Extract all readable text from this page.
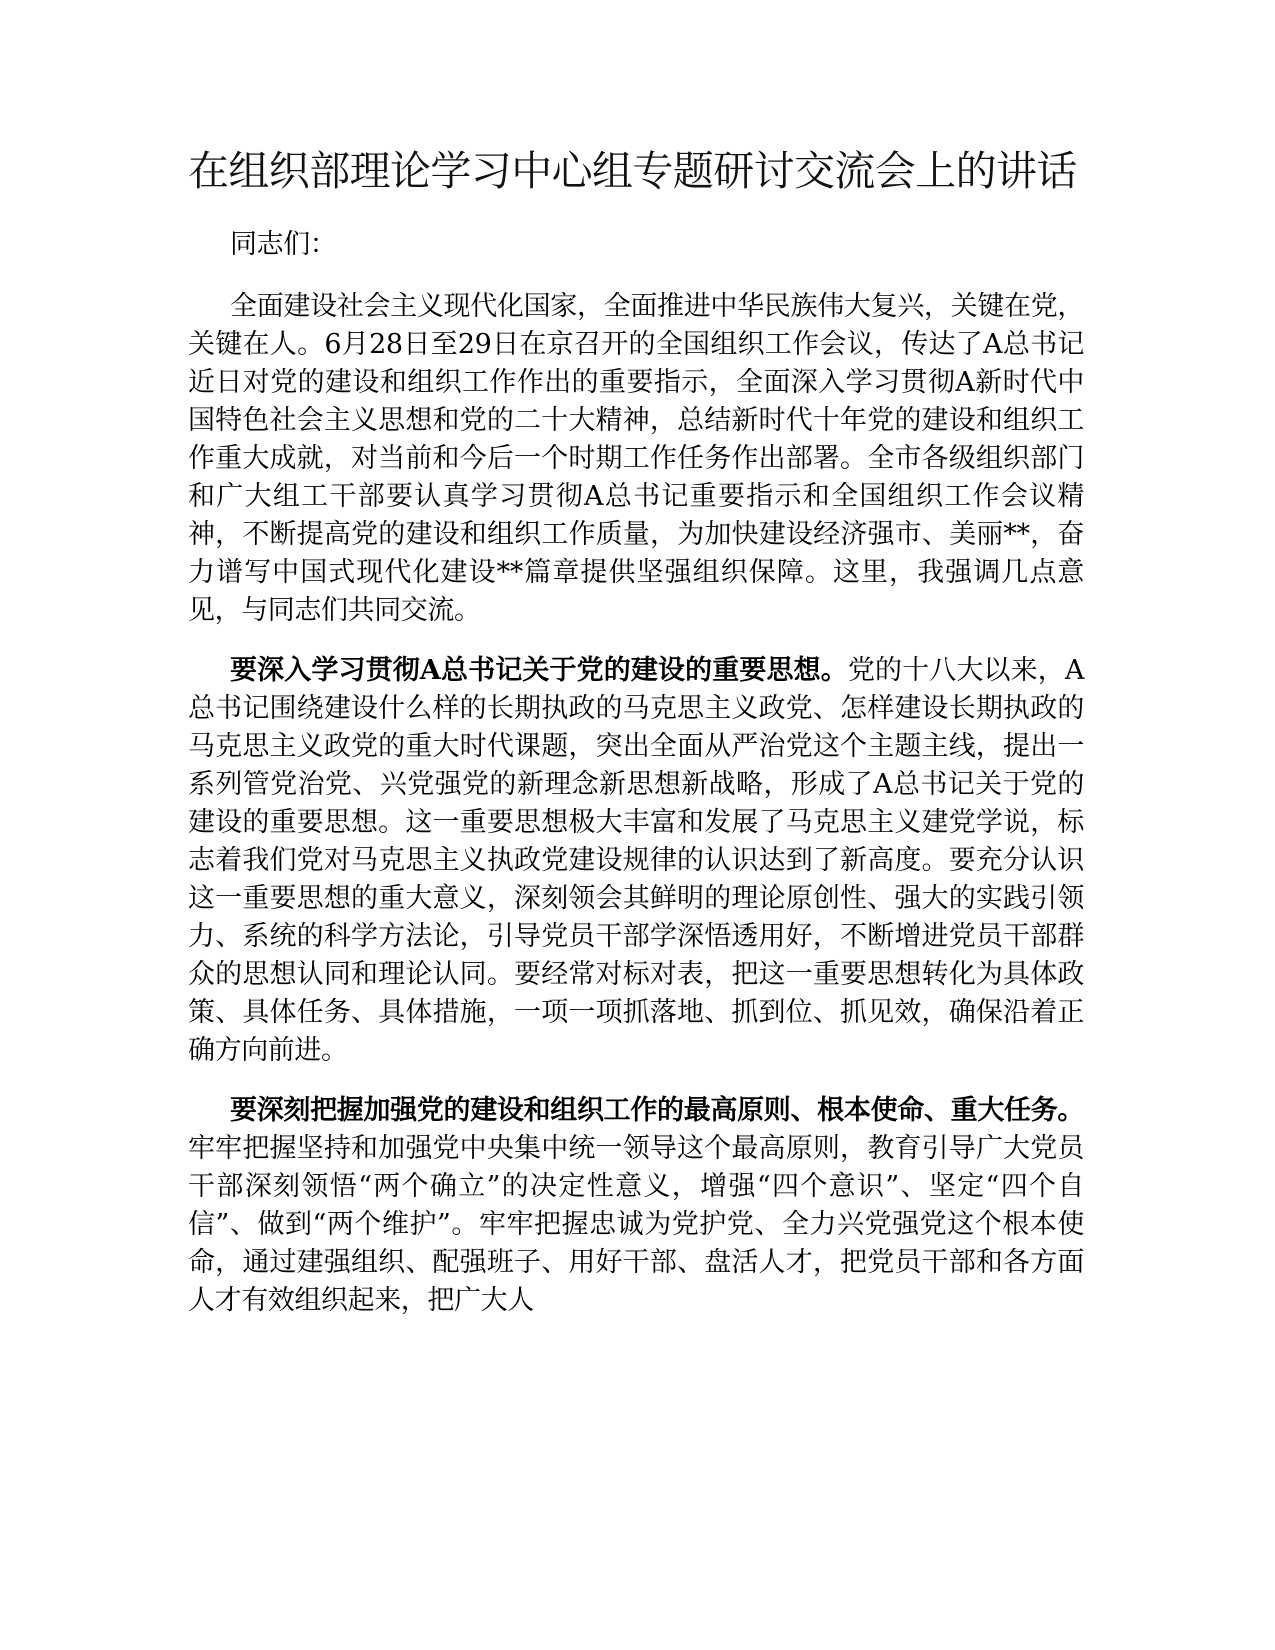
在组织部理论学习中心组专题研讨交流会上的讲话

同志们：

全面建设社会主义现代化国家，全面推进中华民族伟大复兴，关键在党，关键在人。6月28日至29日在京召开的全国组织工作会议，传达了A总书记近日对党的建设和组织工作作出的重要指示，全面深入学习贯彻A新时代中国特色社会主义思想和党的二十大精神，总结新时代十年党的建设和组织工作重大成就，对当前和今后一个时期工作任务作出部署。全市各级组织部门和广大组工干部要认真学习贯彻A总书记重要指示和全国组织工作会议精神，不断提高党的建设和组织工作质量，为加快建设经济强市、美丽**，奋力谱写中国式现代化建设**篇章提供坚强组织保障。这里，我强调几点意见，与同志们共同交流。

要深入学习贯彻A总书记关于党的建设的重要思想。党的十八大以来，A总书记围绕建设什么样的长期执政的马克思主义政党、怎样建设长期执政的马克思主义政党的重大时代课题，突出全面从严治党这个主题主线，提出一系列管党治党、兴党强党的新理念新思想新战略，形成了A总书记关于党的建设的重要思想。这一重要思想极大丰富和发展了马克思主义建党学说，标志着我们党对马克思主义执政党建设规律的认识达到了新高度。要充分认识这一重要思想的重大意义，深刻领会其鲜明的理论原创性、强大的实践引领力、系统的科学方法论，引导党员干部学深悟透用好，不断增进党员干部群众的思想认同和理论认同。要经常对标对表，把这一重要思想转化为具体政策、具体任务、具体措施，一项一项抓落地、抓到位、抓见效，确保沿着正确方向前进。

要深刻把握加强党的建设和组织工作的最高原则、根本使命、重大任务。牢牢把握坚持和加强党中央集中统一领导这个最高原则，教育引导广大党员干部深刻领悟“两个确立”的决定性意义，增强“四个意识”、坚定“四个自信”、做到“两个维护”。牢牢把握忠诚为党护党、全力兴党强党这个根本使命，通过建强组织、配强班子、用好干部、盘活人才，把党员干部和各方面人才有效组织起来，把广大人
